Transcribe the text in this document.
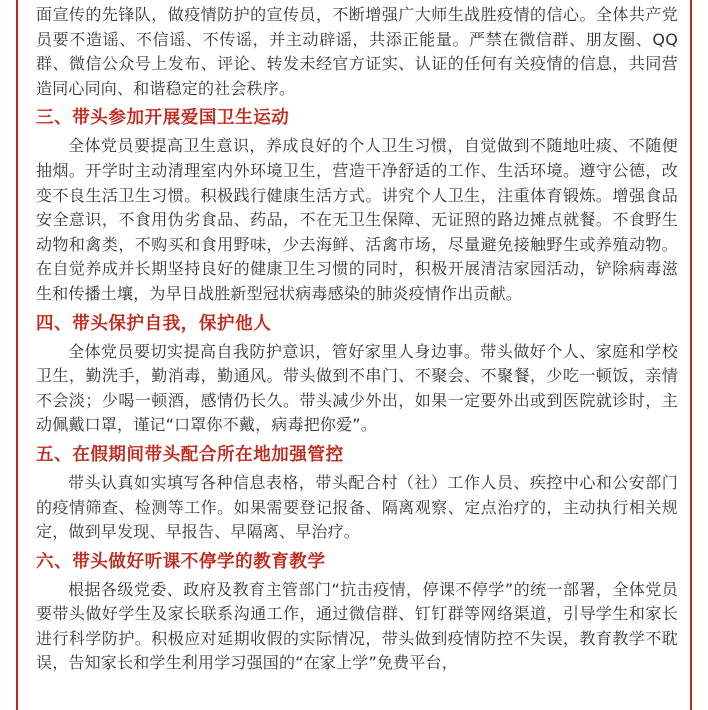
面宣传的先锋队，做疫情防护的宣传员，不断增强广大师生战胜疫情的信心。全体共产党员要不造谣、不信谣、不传谣，并主动辟谣，共添正能量。严禁在微信群、朋友圈、QQ群、微信公众号上发布、评论、转发未经官方证实、认证的任何有关疫情的信息，共同营造同心同向、和谐稳定的社会秩序。

三、带头参加开展爱国卫生运动

全体党员要提高卫生意识，养成良好的个人卫生习惯，自觉做到不随地吐痰、不随便抽烟。开学时主动清理室内外环境卫生，营造干净舒适的工作、生活环境。遵守公德，改变不良生活卫生习惯。积极践行健康生活方式。讲究个人卫生，注重体育锻炼。增强食品安全意识，不食用伪劣食品、药品，不在无卫生保障、无证照的路边摊点就餐。不食野生动物和禽类，不购买和食用野味，少去海鲜、活禽市场，尽量避免接触野生或养殖动物。在自觉养成并长期坚持良好的健康卫生习惯的同时，积极开展清洁家园活动，铲除病毒滋生和传播土壤，为早日战胜新型冠状病毒感染的肺炎疫情作出贡献。

四、带头保护自我，保护他人

全体党员要切实提高自我防护意识，管好家里人身边事。带头做好个人、家庭和学校卫生，勤洗手，勤消毒，勤通风。带头做到不串门、不聚会、不聚餐，少吃一顿饭，亲情不会淡；少喝一顿酒，感情仍长久。带头减少外出，如果一定要外出或到医院就诊时，主动佩戴口罩，谨记“口罩你不戴，病毒把你爱”。

五、在假期间带头配合所在地加强管控

带头认真如实填写各种信息表格，带头配合村（社）工作人员、疾控中心和公安部门的疫情筛查、检测等工作。如果需要登记报备、隔离观察、定点治疗的，主动执行相关规定，做到早发现、早报告、早隔离、早治疗。

六、带头做好听课不停学的教育教学

根据各级党委、政府及教育主管部门“抗击疫情，停课不停学”的统一部署，全体党员要带头做好学生及家长联系沟通工作，通过微信群、钉钉群等网络渠道，引导学生和家长进行科学防护。积极应对延期收假的实际情况，带头做到疫情防控不失误，教育教学不耽误，告知家长和学生利用学习强国的“在家上学”免费平台，
